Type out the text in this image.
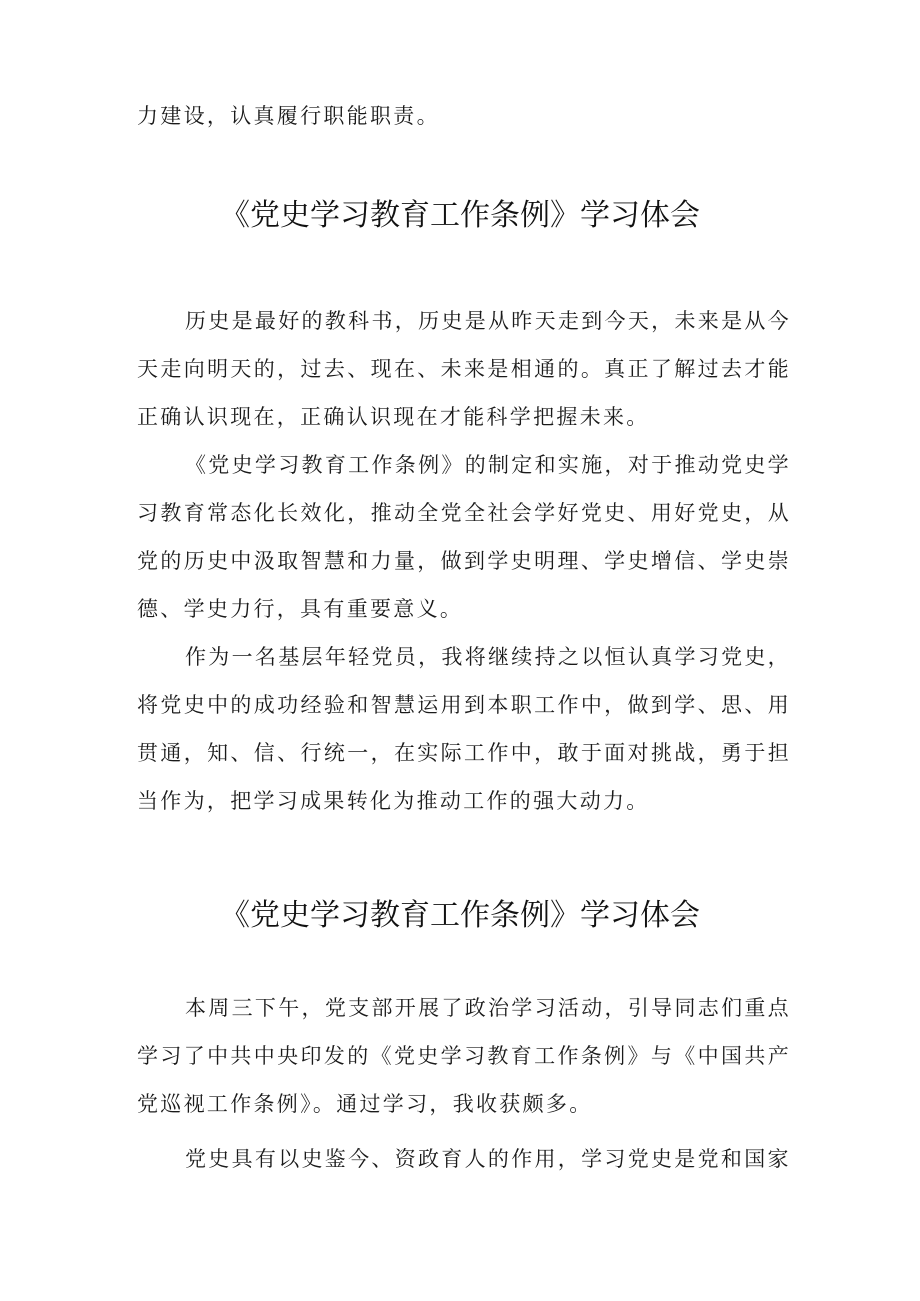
力建设，认真履行职能职责。

《党史学习教育工作条例》学习体会

历史是最好的教科书，历史是从昨天走到今天，未来是从今天走向明天的，过去、现在、未来是相通的。真正了解过去才能正确认识现在，正确认识现在才能科学把握未来。

《党史学习教育工作条例》的制定和实施，对于推动党史学习教育常态化长效化，推动全党全社会学好党史、用好党史，从党的历史中汲取智慧和力量，做到学史明理、学史增信、学史崇德、学史力行，具有重要意义。

作为一名基层年轻党员，我将继续持之以恒认真学习党史，将党史中的成功经验和智慧运用到本职工作中，做到学、思、用贯通，知、信、行统一，在实际工作中，敢于面对挑战，勇于担当作为，把学习成果转化为推动工作的强大动力。

《党史学习教育工作条例》学习体会

本周三下午，党支部开展了政治学习活动，引导同志们重点学习了中共中央印发的《党史学习教育工作条例》与《中国共产党巡视工作条例》。通过学习，我收获颇多。

党史具有以史鉴今、资政育人的作用，学习党史是党和国家
